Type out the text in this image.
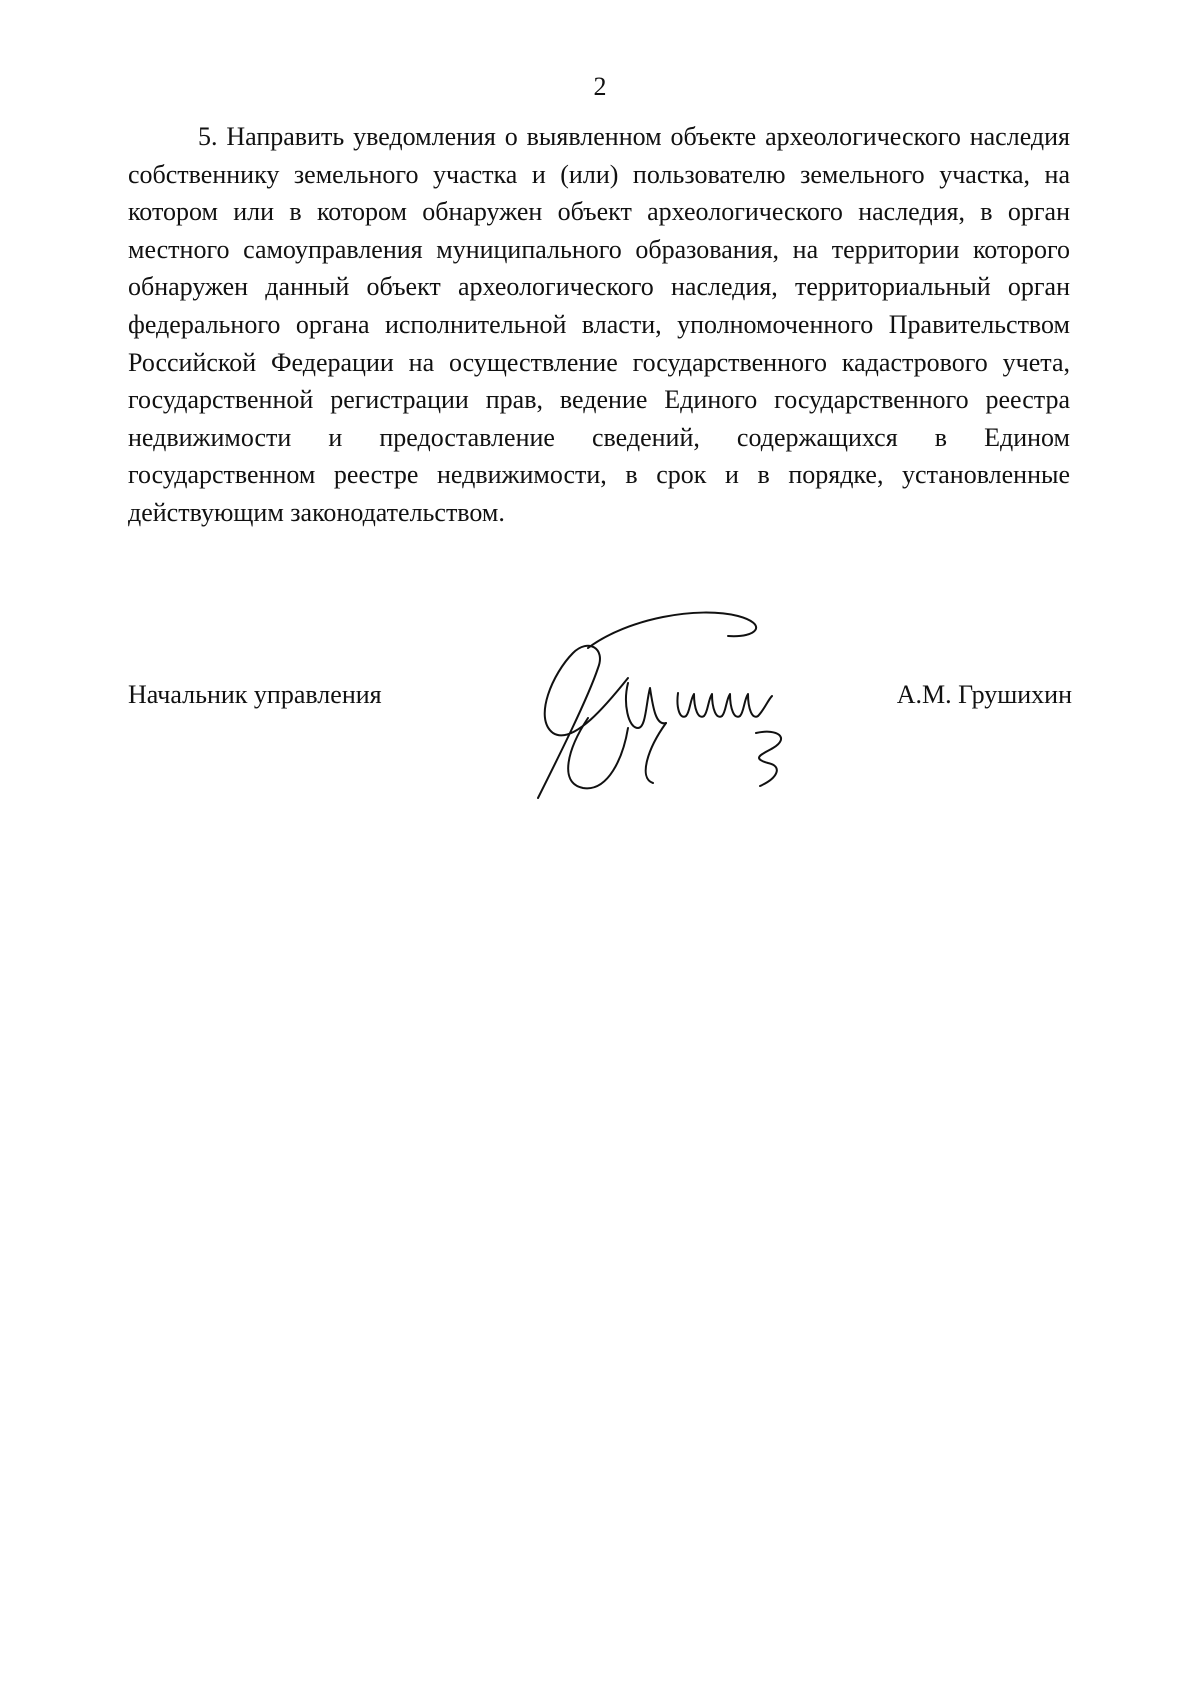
2

5. Направить уведомления о выявленном объекте археологического наследия собственнику земельного участка и (или) пользователю земельного участка, на котором или в котором обнаружен объект археологического наследия, в орган местного самоуправления муниципального образования, на территории которого обнаружен данный объект археологического наследия, территориальный орган федерального органа исполнительной власти, уполномоченного Правительством Российской Федерации на осуществление государственного кадастрового учета, государственной регистрации прав, ведение Единого государственного реестра недвижимости и предоставление сведений, содержащихся в Едином государственном реестре недвижимости, в срок и в порядке, установленные действующим законодательством.

Начальник управления	А.М. Грушихин
